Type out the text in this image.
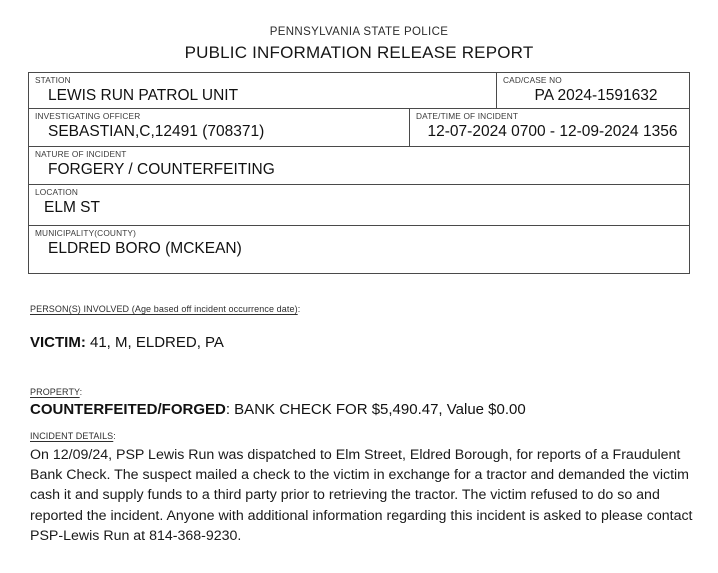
PENNSYLVANIA STATE POLICE
PUBLIC INFORMATION RELEASE REPORT
STATION
LEWIS RUN PATROL UNIT
CAD/CASE NO
PA 2024-1591632
INVESTIGATING OFFICER
SEBASTIAN,C,12491 (708371)
DATE/TIME OF INCIDENT
12-07-2024 0700 - 12-09-2024 1356
NATURE OF INCIDENT
FORGERY / COUNTERFEITING
LOCATION
ELM ST
MUNICIPALITY(COUNTY)
ELDRED BORO (MCKEAN)
PERSON(S) INVOLVED (Age based off incident occurrence date):
VICTIM: 41, M, ELDRED, PA
PROPERTY:
COUNTERFEITED/FORGED: BANK CHECK FOR $5,490.47, Value $0.00
INCIDENT DETAILS:
On 12/09/24, PSP Lewis Run was dispatched to Elm Street, Eldred Borough, for reports of a Fraudulent Bank Check. The suspect mailed a check to the victim in exchange for a tractor and demanded the victim cash it and supply funds to a third party prior to retrieving the tractor. The victim refused to do so and reported the incident. Anyone with additional information regarding this incident is asked to please contact PSP-Lewis Run at 814-368-9230.
